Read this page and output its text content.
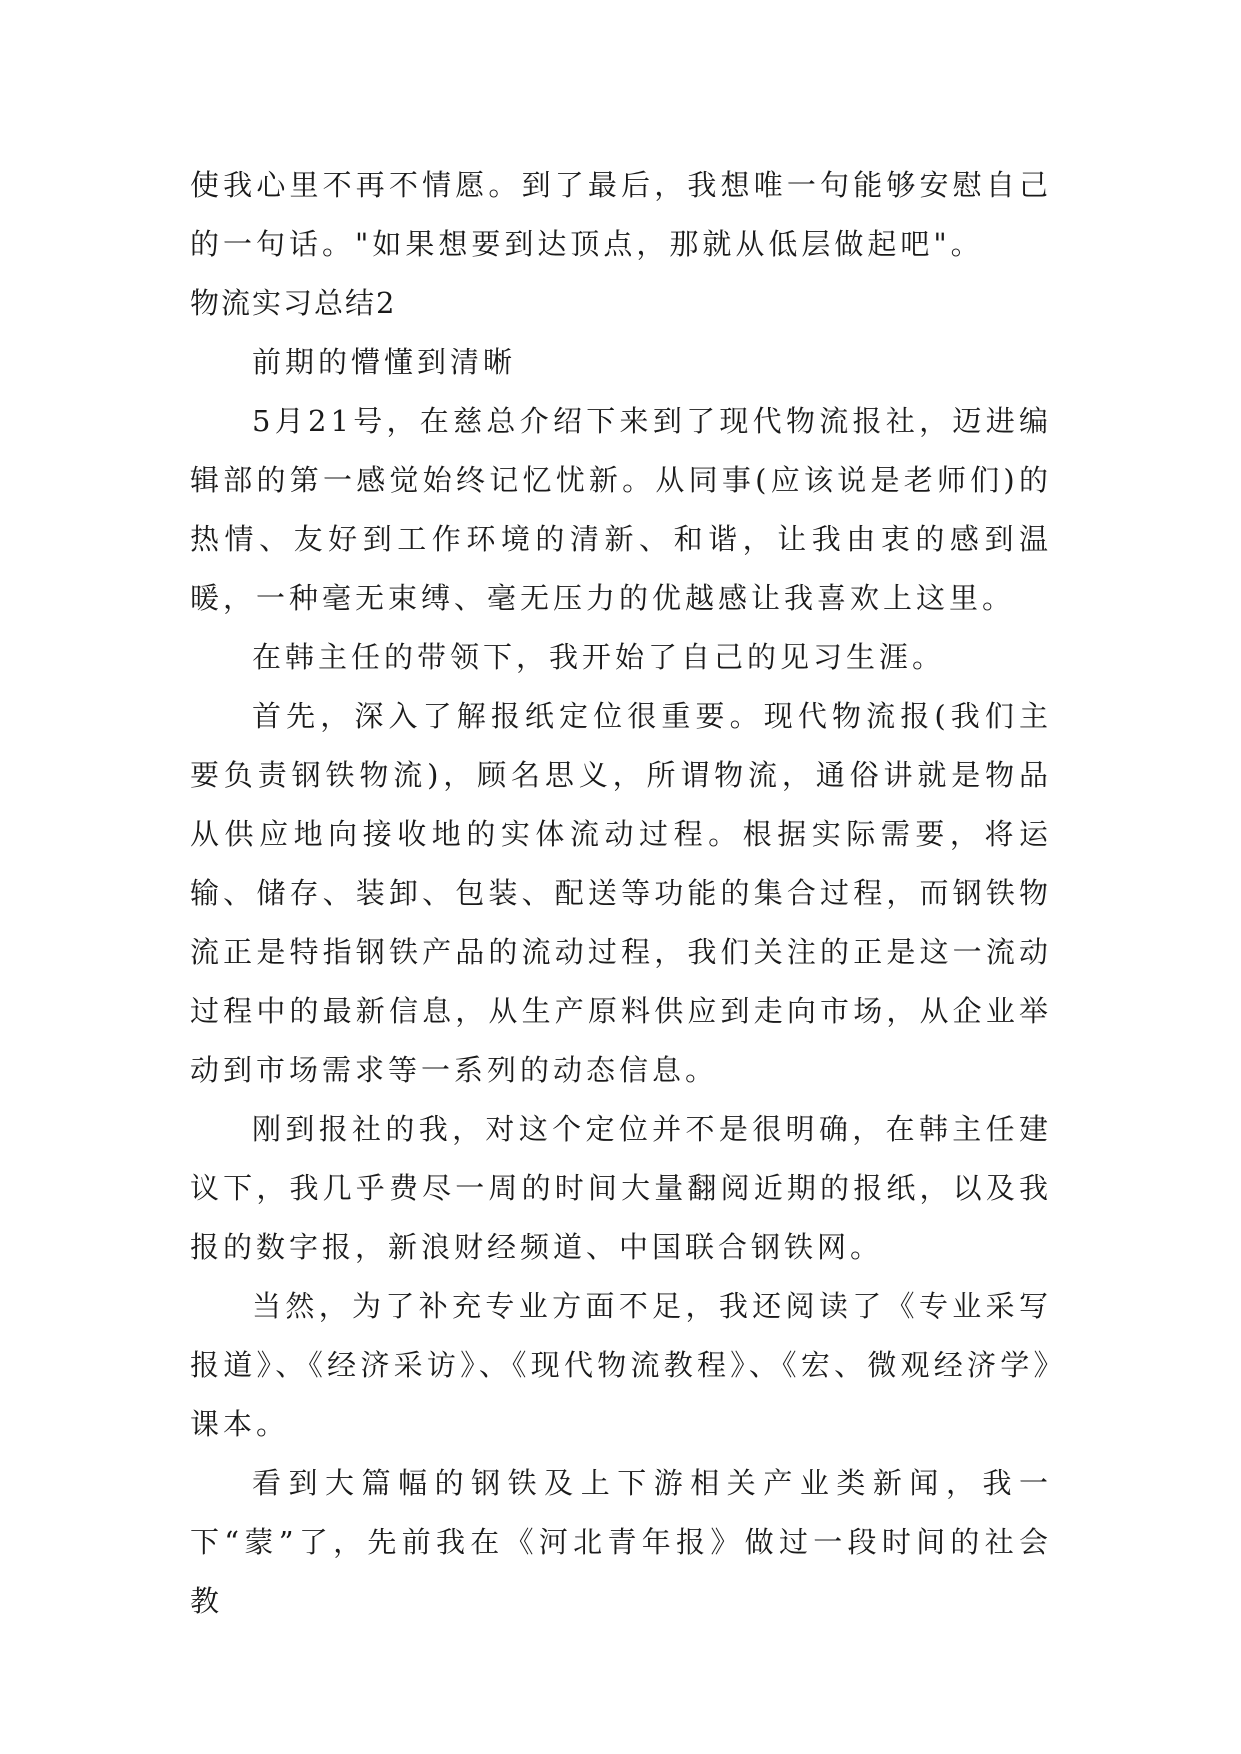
使我心里不再不情愿。到了最后，我想唯一句能够安慰自己的一句话。"如果想要到达顶点，那就从低层做起吧"。

物流实习总结2

前期的懵懂到清晰

5月21号，在慈总介绍下来到了现代物流报社，迈进编辑部的第一感觉始终记忆忧新。从同事(应该说是老师们)的热情、友好到工作环境的清新、和谐，让我由衷的感到温暖，一种毫无束缚、毫无压力的优越感让我喜欢上这里。

在韩主任的带领下，我开始了自己的见习生涯。

首先，深入了解报纸定位很重要。现代物流报(我们主要负责钢铁物流)，顾名思义，所谓物流，通俗讲就是物品从供应地向接收地的实体流动过程。根据实际需要，将运输、储存、装卸、包装、配送等功能的集合过程，而钢铁物流正是特指钢铁产品的流动过程，我们关注的正是这一流动过程中的最新信息，从生产原料供应到走向市场，从企业举动到市场需求等一系列的动态信息。

刚到报社的我，对这个定位并不是很明确，在韩主任建议下，我几乎费尽一周的时间大量翻阅近期的报纸，以及我报的数字报，新浪财经频道、中国联合钢铁网。

当然，为了补充专业方面不足，我还阅读了《专业采写报道》、《经济采访》、《现代物流教程》、《宏、微观经济学》课本。

看到大篇幅的钢铁及上下游相关产业类新闻，我一下“蒙”了，先前我在《河北青年报》做过一段时间的社会教
